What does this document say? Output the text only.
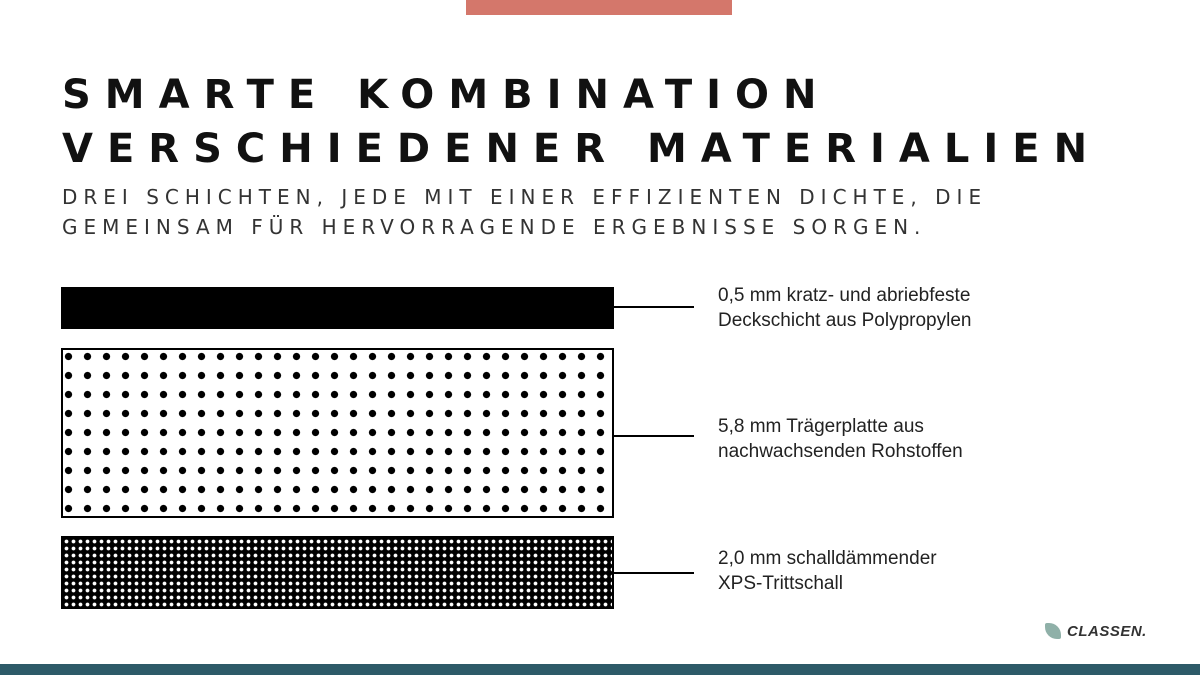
SMARTE KOMBINATION
VERSCHIEDENER MATERIALIEN

DREI SCHICHTEN, JEDE MIT EINER EFFIZIENTEN DICHTE, DIE
GEMEINSAM FÜR HERVORRAGENDE ERGEBNISSE SORGEN.

0,5 mm kratz- und abriebfeste
Deckschicht aus Polypropylen
5,8 mm Trägerplatte aus
nachwachsenden Rohstoffen
2,0 mm schalldämmender
XPS-Trittschall
CLASSEN.
